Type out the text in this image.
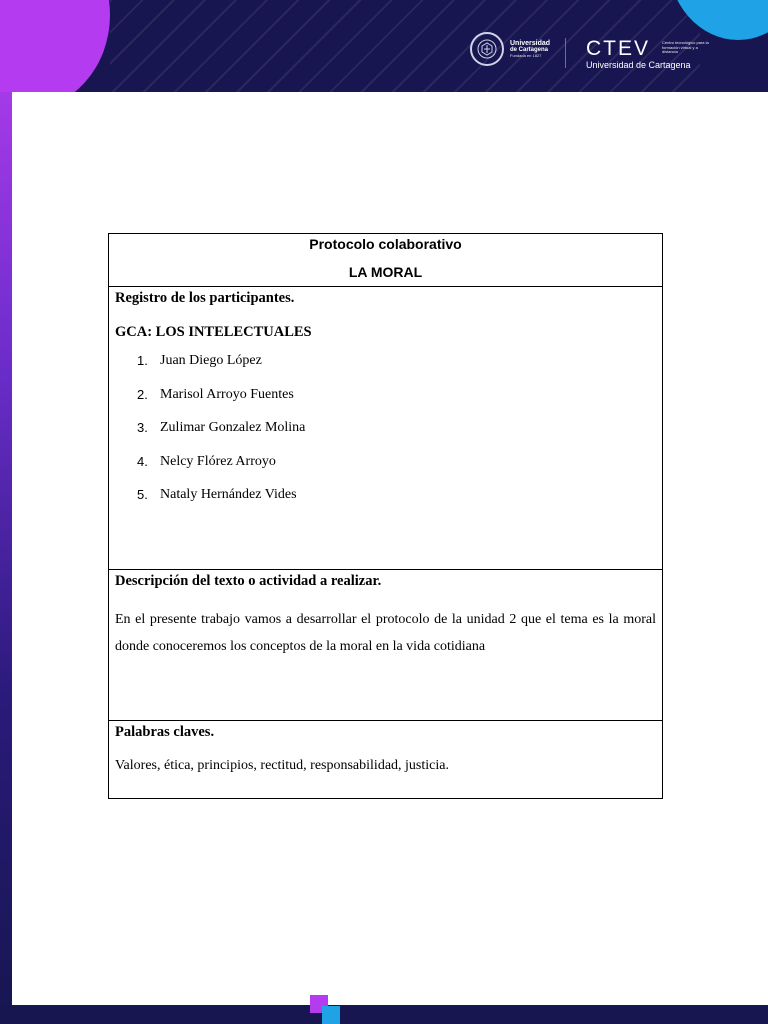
Universidad
de Cartagena
Fundada en 1827	CTEV
Universidad de Cartagena
Centro tecnológico para la formación virtual y a distancia
Protocolo colaborativo
LA MORAL

Registro de los participantes.
GCA: LOS INTELECTUALES
1. Juan Diego López
2. Marisol Arroyo Fuentes
3. Zulimar Gonzalez Molina
4. Nelcy Flórez Arroyo
5. Nataly Hernández Vides

Descripción del texto o actividad a realizar.
En el presente trabajo vamos a desarrollar el protocolo de la unidad 2 que el tema es la moral donde conoceremos los conceptos de la moral en la vida cotidiana

Palabras claves.
Valores, ética, principios, rectitud, responsabilidad, justicia.
